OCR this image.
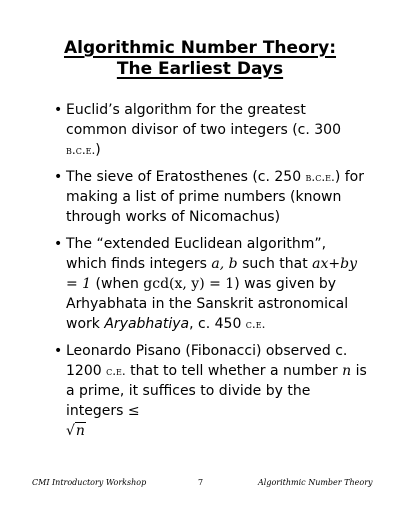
Algorithmic Number Theory:
The Earliest Days
• Euclid’s algorithm for the greatest common divisor of two integers (c. 300 b.c.e.)
• The sieve of Eratosthenes (c. 250 b.c.e.) for making a list of prime numbers (known through works of Nicomachus)
• The “extended Euclidean algorithm”, which finds integers a, b such that ax+by = 1 (when gcd(x, y) = 1) was given by Arhyabhata in the Sanskrit astronomical work Aryabhatiya, c. 450 c.e.
• Leonardo Pisano (Fibonacci) observed c. 1200 c.e. that to tell whether a number n is a prime, it suffices to divide by the integers ≤
√n
CMI Introductory Workshop	7	Algorithmic Number Theory
